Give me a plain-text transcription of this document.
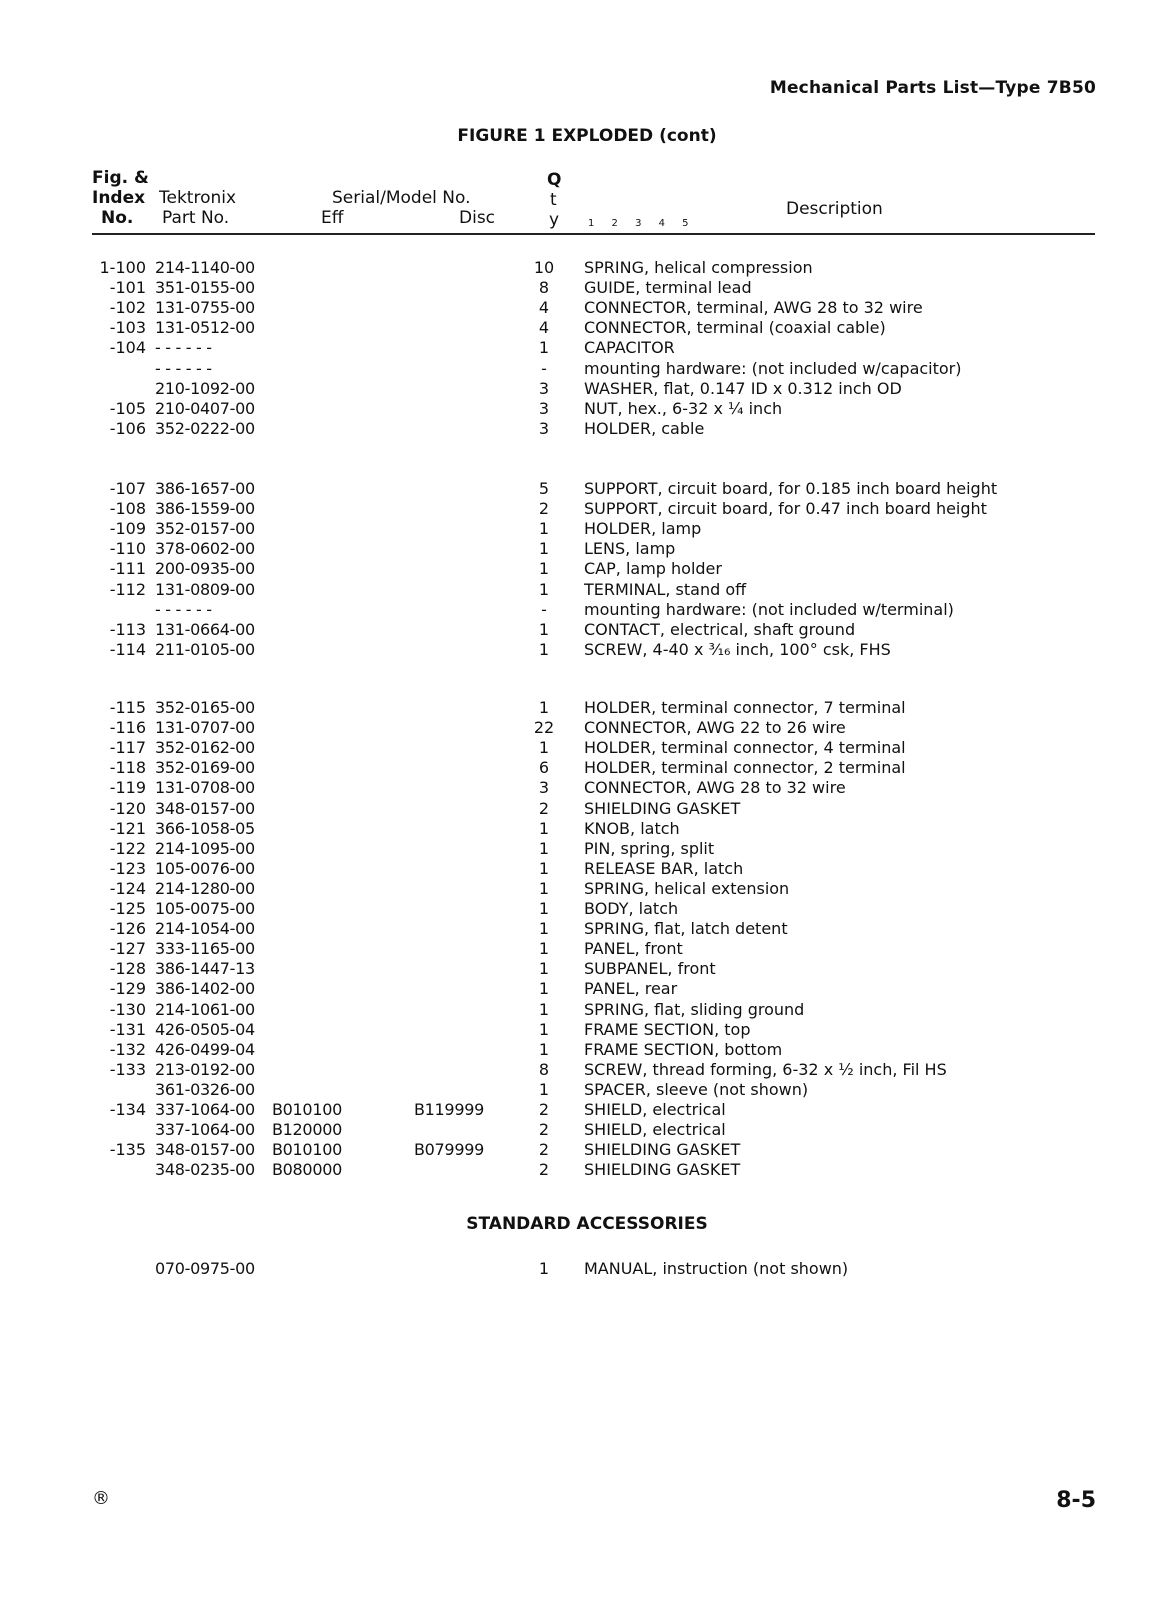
Mechanical Parts List—Type 7B50
FIGURE 1 EXPLODED (cont)
Fig. &
Index
No.
Tektronix
Part No.
Serial/Model No.
Eff	Disc
Q
t
y	1 2 3 4 5
Description
1-100 214-1140-00	10 SPRING, helical compression
-101 351-0155-00	8	GUIDE, terminal lead
-102 131-0755-00	4	CONNECTOR, terminal, AWG 28 to 32 wire
-103 131-0512-00	4	CONNECTOR, terminal (coaxial cable)
-104 - - - - - -	1	CAPACITOR
- - - - - -	-	mounting hardware: (not included w/capacitor)
210-1092-00	3	WASHER, flat, 0.147 ID x 0.312 inch OD
-105 210-0407-00	3	NUT, hex., 6-32 x ¼ inch
-106 352-0222-00	3	HOLDER, cable
-107 386-1657-00	5	SUPPORT, circuit board, for 0.185 inch board height
-108 386-1559-00	2	SUPPORT, circuit board, for 0.47 inch board height
-109 352-0157-00	1	HOLDER, lamp
-110 378-0602-00	1	LENS, lamp
-111 200-0935-00	1	CAP, lamp holder
-112 131-0809-00	1	TERMINAL, stand off
- - - - - -	-	mounting hardware: (not included w/terminal)
-113 131-0664-00	1	CONTACT, electrical, shaft ground
-114 211-0105-00	1	SCREW, 4-40 x ³⁄₁₆ inch, 100° csk, FHS
-115 352-0165-00	1	HOLDER, terminal connector, 7 terminal
-116 131-0707-00	22 CONNECTOR, AWG 22 to 26 wire
-117 352-0162-00	1	HOLDER, terminal connector, 4 terminal
-118 352-0169-00	6	HOLDER, terminal connector, 2 terminal
-119 131-0708-00	3	CONNECTOR, AWG 28 to 32 wire
-120 348-0157-00	2	SHIELDING GASKET
-121 366-1058-05	1	KNOB, latch
-122 214-1095-00	1	PIN, spring, split
-123 105-0076-00	1	RELEASE BAR, latch
-124 214-1280-00	1	SPRING, helical extension
-125 105-0075-00	1	BODY, latch
-126 214-1054-00	1	SPRING, flat, latch detent
-127 333-1165-00	1	PANEL, front
-128 386-1447-13	1	SUBPANEL, front
-129 386-1402-00	1	PANEL, rear
-130 214-1061-00	1	SPRING, flat, sliding ground
-131 426-0505-04	1	FRAME SECTION, top
-132 426-0499-04	1	FRAME SECTION, bottom
-133 213-0192-00	8	SCREW, thread forming, 6-32 x ½ inch, Fil HS
361-0326-00	1	SPACER, sleeve (not shown)
-134 337-1064-00 B010100	B119999	2	SHIELD, electrical
337-1064-00 B120000	2	SHIELD, electrical
-135 348-0157-00 B010100	B079999	2	SHIELDING GASKET
348-0235-00 B080000	2	SHIELDING GASKET
STANDARD ACCESSORIES
070-0975-00	1	MANUAL, instruction (not shown)
®	8-5
